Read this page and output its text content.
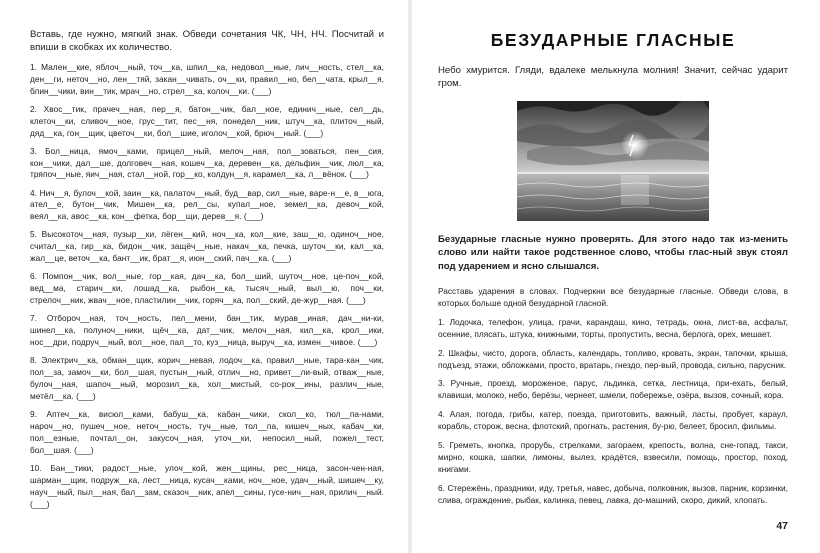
Вставь, где нужно, мягкий знак. Обведи сочетания ЧК, ЧН, НЧ. Посчитай и впиши в скобках их количество.

1. Мален__кие, яблоч__ный, точ__ка, шпил__ка, недовол__ные, лич__ность, стел__ка, ден__ги, неточ__но, лен__тяй, закан__чивать, оч__ки, правил__но, бел__чата, крыл__я, блин__чики, вин__тик, мрач__но, стрел__ка, колоч__ки. (___)

2. Хвос__тик, прачеч__ная, пер__я, батон__чик, бал__ное, единич__ные, сел__дь, клеточ__ки, сливоч__ное, грус__тит, пес__ня, понедел__ник, штуч__ка, плиточ__ный, дяд__ка, гон__щик, цветоч__ки, бол__шие, иголоч__кой, брюч__ный. (___)

3. Бол__ница, ямоч__ками, прицел__ный, мелоч__ная, пол__зоваться, пен__сия, кон__чики, дал__ше, долговеч__ная, кошеч__ка, деревен__ка, дельфин__чик, люл__ка, тряпоч__ные, яич__ная, стал__ной, гор__ко, колдун__я, карамел__ка, л__вёнок. (___)

4. Нич__я, булоч__кой, заин__ка, палаточ__ный, буд__вар, сил__ные, варе-н__е, в__юга, ател__е, бутон__чик, Мишен__ка, рел__сы, купал__ное, земел__ка, девоч__кой, веял__ка, авос__ка, кон__фетка, бор__щи, дерев__я. (___)

5. Высокоточ__ная, пузыр__ки, лёген__кий, ноч__ка, кол__кие, заш__ю, одиноч__ное, считал__ка, гир__ка, бидон__чик, защёч__ные, накач__ка, печка, шуточ__ки, кал__ка, жал__це, веточ__ка, бант__ик, брат__я, июн__ский, пач__ка. (___)

6. Помпон__чик, вол__ные, гор__кая, дач__ка, бол__ший, шуточ__ное, це-поч__кой, вед__ма, старич__ки, лошад__ка, рыбон__ка, тысяч__ный, выл__ю, поч__ки, стрелоч__ник, жвач__ное, пластилин__чик, горяч__ка, пол__ский, де-жур__ная. (___)

7. Отбороч__ная, точ__ность, пел__мени, бан__тик, мурав__иная, дач__ни-ки, шинел__ка, полуноч__ники, щёч__ка, дат__чик, мелоч__ная, кил__ка, крол__ики, нос__дри, подруч__ный, вол__ное, пал__то, куз__ница, выруч__ка, измен__чивое. (___)

8. Электрич__ка, обман__щик, корич__невая, лодоч__ка, правил__ные, тара-кан__чик, пол__за, замоч__ки, бол__шая, пустын__ный, отлич__но, привет__ли-вый, отваж__ные, булоч__ная, шапоч__ный, морозил__ка, хол__мистый, со-рок__ины, различ__ные, метёл__ка. (___)

9. Аптеч__ка, висюл__ками, бабуш__ка, кабан__чики, скол__ко, тюл__па-нами, нароч__но, пушеч__ное, неточ__ность, туч__ные, тол__па, кишеч__ных, кабач__ки, пол__езные, почтал__он, закусоч__ная, уточ__ки, непосил__ный, пожел__тест, бол__шая. (___)

10. Бан__тики, радост__ные, улоч__кой, жен__щины, рес__ница, засон-чен-ная, шарман__щик, подруж__ка, лест__ница, кусач__ками, ноч__ное, удач__ный, шишеч__ку, науч__ный, пыл__ная, бал__зам, сказоч__ник, апел__сины, гусе-нич__ная, прилич__ный. (___)

БЕЗУДАРНЫЕ ГЛАСНЫЕ

Небо хмурится. Гляди, вдалеке мелькнула молния! Значит, сейчас ударит гром.

Безударные гласные нужно проверять. Для этого надо так из-менить слово или найти такое родственное слово, чтобы глас-ный звук стоял под ударением и ясно слышался.

Расставь ударения в словах. Подчеркни все безударные гласные. Обведи слова, в которых больше одной безударной гласной.

1. Лодочка, телефон, улица, грачи, карандаш, кино, тетрадь, окна, лист-ва, асфальт, осенние, плясать, штука, книжными, торты, пропустить, весна, берлога, орех, мешает.

2. Шкафы, чисто, дорога, область, календарь, топливо, кровать, экран, тапочки, крыша, подъезд, этажи, обложками, просто, вратарь, гнездо, пер-вый, провода, сильно, парусник.

3. Ручные, проезд, мороженое, парус, льдинка, сетка, лестница, при-ехать, белый, клавиши, молоко, небо, берёзы, чернеет, шмели, побережье, озёра, вызов, сочный, кора.

4. Алая, погода, грибы, катер, поезда, приготовить, важный, ласты, пробует, караул, корабль, сторож, весна, флотский, прогнать, растения, бу-рю, белеет, бросил, фильмы.

5. Греметь, кнопка, прорубь, стрелками, загораем, крепость, волна, сне-гопад, такси, мирно, кошка, шапки, лимоны, вылез, крадётся, взвесили, помощь, простор, поход, книгами.

6. Стережёнь, праздники, иду, третья, навес, добыча, полковник, вызов, парник, корзинки, слива, ограждение, рыбак, калинка, певец, лавка, до-машний, скоро, дикий, хлопать.

47
